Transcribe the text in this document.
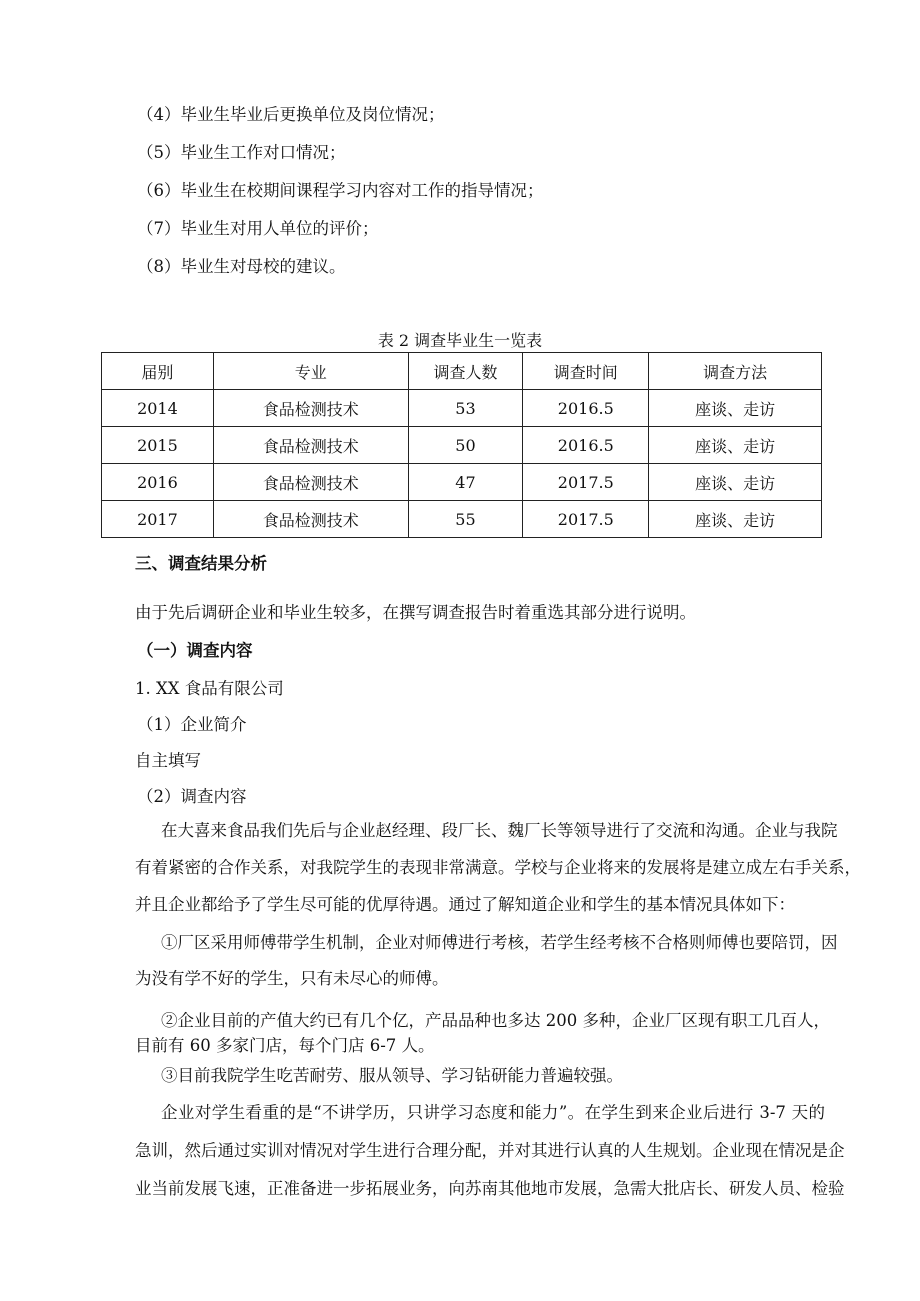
（4）毕业生毕业后更换单位及岗位情况；
（5）毕业生工作对口情况；
（6）毕业生在校期间课程学习内容对工作的指导情况；
（7）毕业生对用人单位的评价；
（8）毕业生对母校的建议。
表 2 调查毕业生一览表
届别	专业	调查人数	调查时间	调查方法
2014	食品检测技术	53	2016.5	座谈、走访
2015	食品检测技术	50	2016.5	座谈、走访
2016	食品检测技术	47	2017.5	座谈、走访
2017	食品检测技术	55	2017.5	座谈、走访
三、调查结果分析
由于先后调研企业和毕业生较多，在撰写调查报告时着重选其部分进行说明。
（一）调查内容
1. XX 食品有限公司
（1）企业简介
自主填写
（2）调查内容
在大喜来食品我们先后与企业赵经理、段厂长、魏厂长等领导进行了交流和沟通。企业与我院
有着紧密的合作关系，对我院学生的表现非常满意。学校与企业将来的发展将是建立成左右手关系，
并且企业都给予了学生尽可能的优厚待遇。通过了解知道企业和学生的基本情况具体如下：
①厂区采用师傅带学生机制，企业对师傅进行考核，若学生经考核不合格则师傅也要陪罚，因
为没有学不好的学生，只有未尽心的师傅。
②企业目前的产值大约已有几个亿，产品品种也多达 200 多种，企业厂区现有职工几百人，
目前有 60 多家门店，每个门店 6-7 人。
③目前我院学生吃苦耐劳、服从领导、学习钻研能力普遍较强。
企业对学生看重的是“不讲学历，只讲学习态度和能力”。在学生到来企业后进行 3-7 天的
急训，然后通过实训对情况对学生进行合理分配，并对其进行认真的人生规划。企业现在情况是企
业当前发展飞速，正准备进一步拓展业务，向苏南其他地市发展，急需大批店长、研发人员、检验
